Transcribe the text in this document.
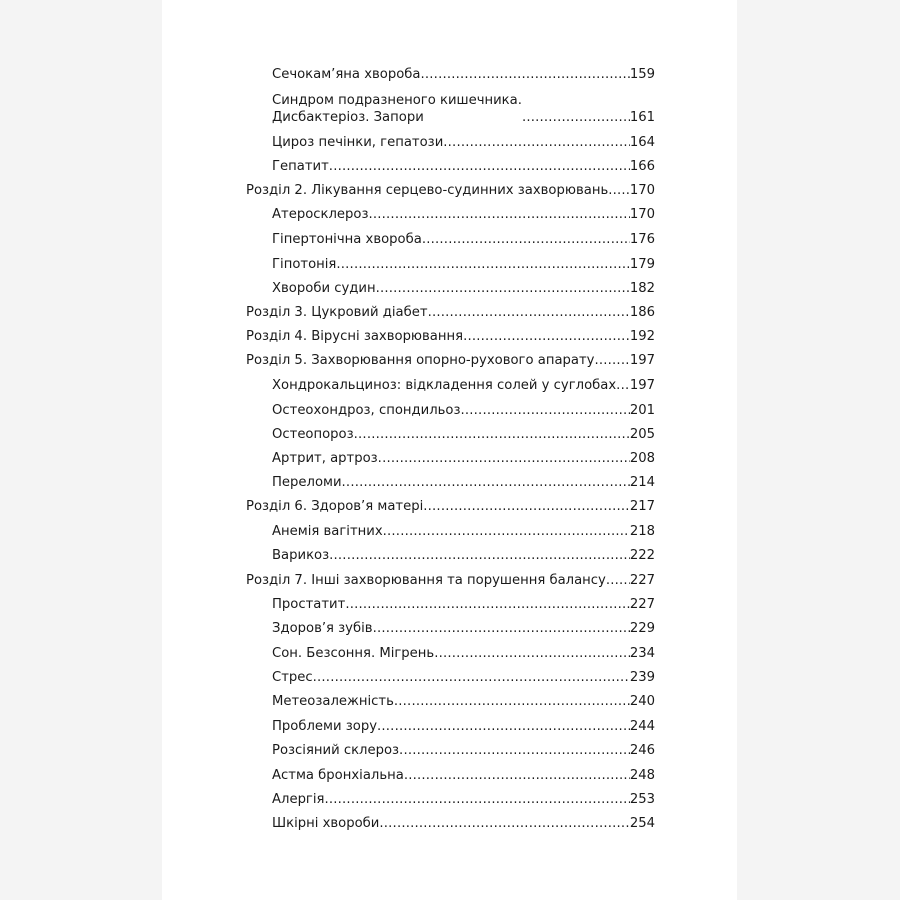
Сечокам’яна хвороба .....	159
Синдром подразненого кишечника.
Дисбактеріоз. Запори .....	161
Цироз печінки, гепатози .....	164
Гепатит .....	166
Розділ 2. Лікування серцево-судинних захворювань ..... 170
Атеросклероз .....	170
Гіпертонічна хвороба .....	176
Гіпотонія .....	179
Хвороби судин .....	182
Розділ 3. Цукровий діабет .....	186
Розділ 4. Вірусні захворювання .....	192
Розділ 5. Захворювання опорно-рухового апарату .....	197
Хондрокальциноз: відкладення солей у суглобах ..... 197
Остеохондроз, спондильоз .....	201
Остеопороз .....	205
Артрит, артроз .....	208
Переломи .....	214
Розділ 6. Здоров’я матері .....	217
Анемія вагітних .....	218
Варикоз .....	222
Розділ 7. Інші захворювання та порушення балансу ..... 227
Простатит .....	227
Здоров’я зубів .....	229
Сон. Безсоння. Мігрень .....	234
Стрес .....	239
Метеозалежність .....	240
Проблеми зору .....	244
Розсіяний склероз .....	246
Астма бронхіальна .....	248
Алергія .....	253
Шкірні хвороби .....	254
